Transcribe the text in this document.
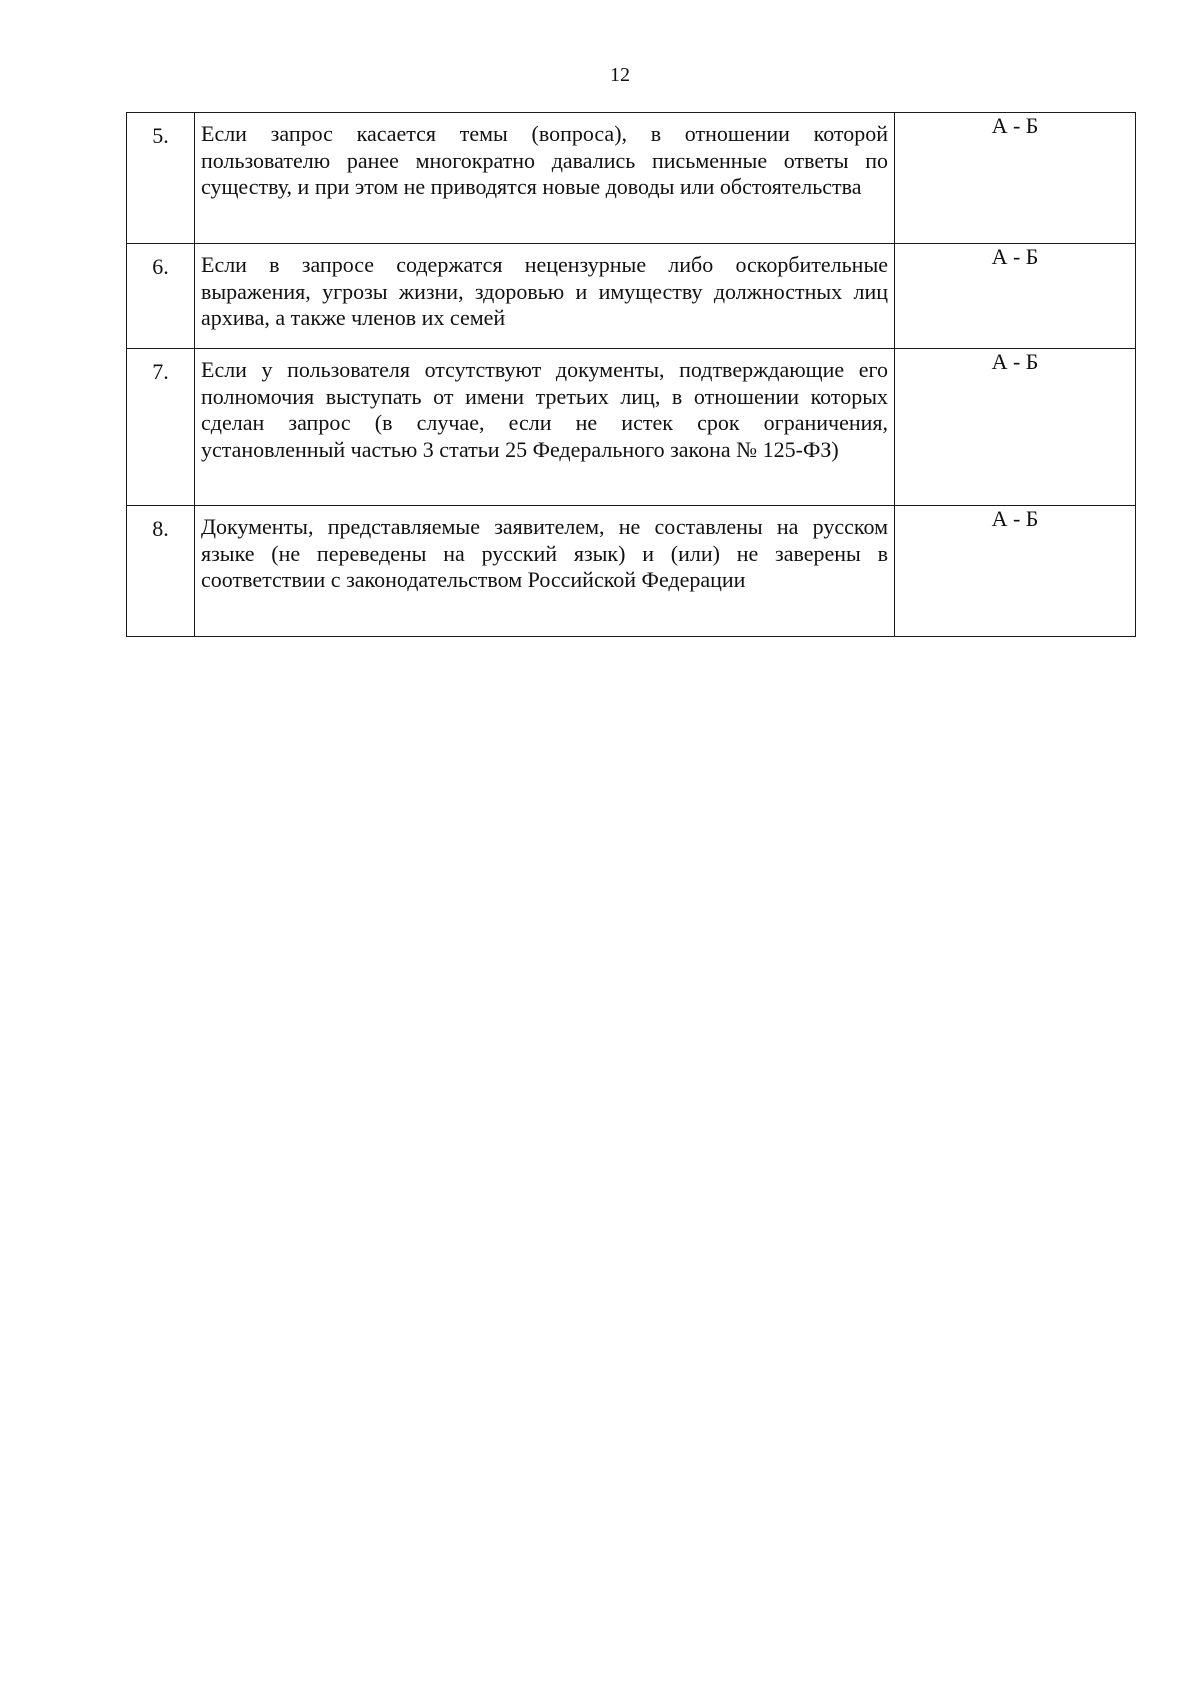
12
5.	Если запрос касается темы (вопроса), в отношении которой пользователю ранее многократно давались письменные ответы по существу, и при этом не приводятся новые доводы или обстоятельства	А - Б
6.	Если в запросе содержатся нецензурные либо оскорбительные выражения, угрозы жизни, здоровью и имуществу должностных лиц архива, а также членов их семей	А - Б
7.	Если у пользователя отсутствуют документы, подтверждающие его полномочия выступать от имени третьих лиц, в отношении которых сделан запрос (в случае, если не истек срок ограничения, установленный частью 3 статьи 25 Федерального закона № 125-ФЗ)	А - Б
8.	Документы, представляемые заявителем, не составлены на русском языке (не переведены на русский язык) и (или) не заверены в соответствии с законодательством Российской Федерации	А - Б
